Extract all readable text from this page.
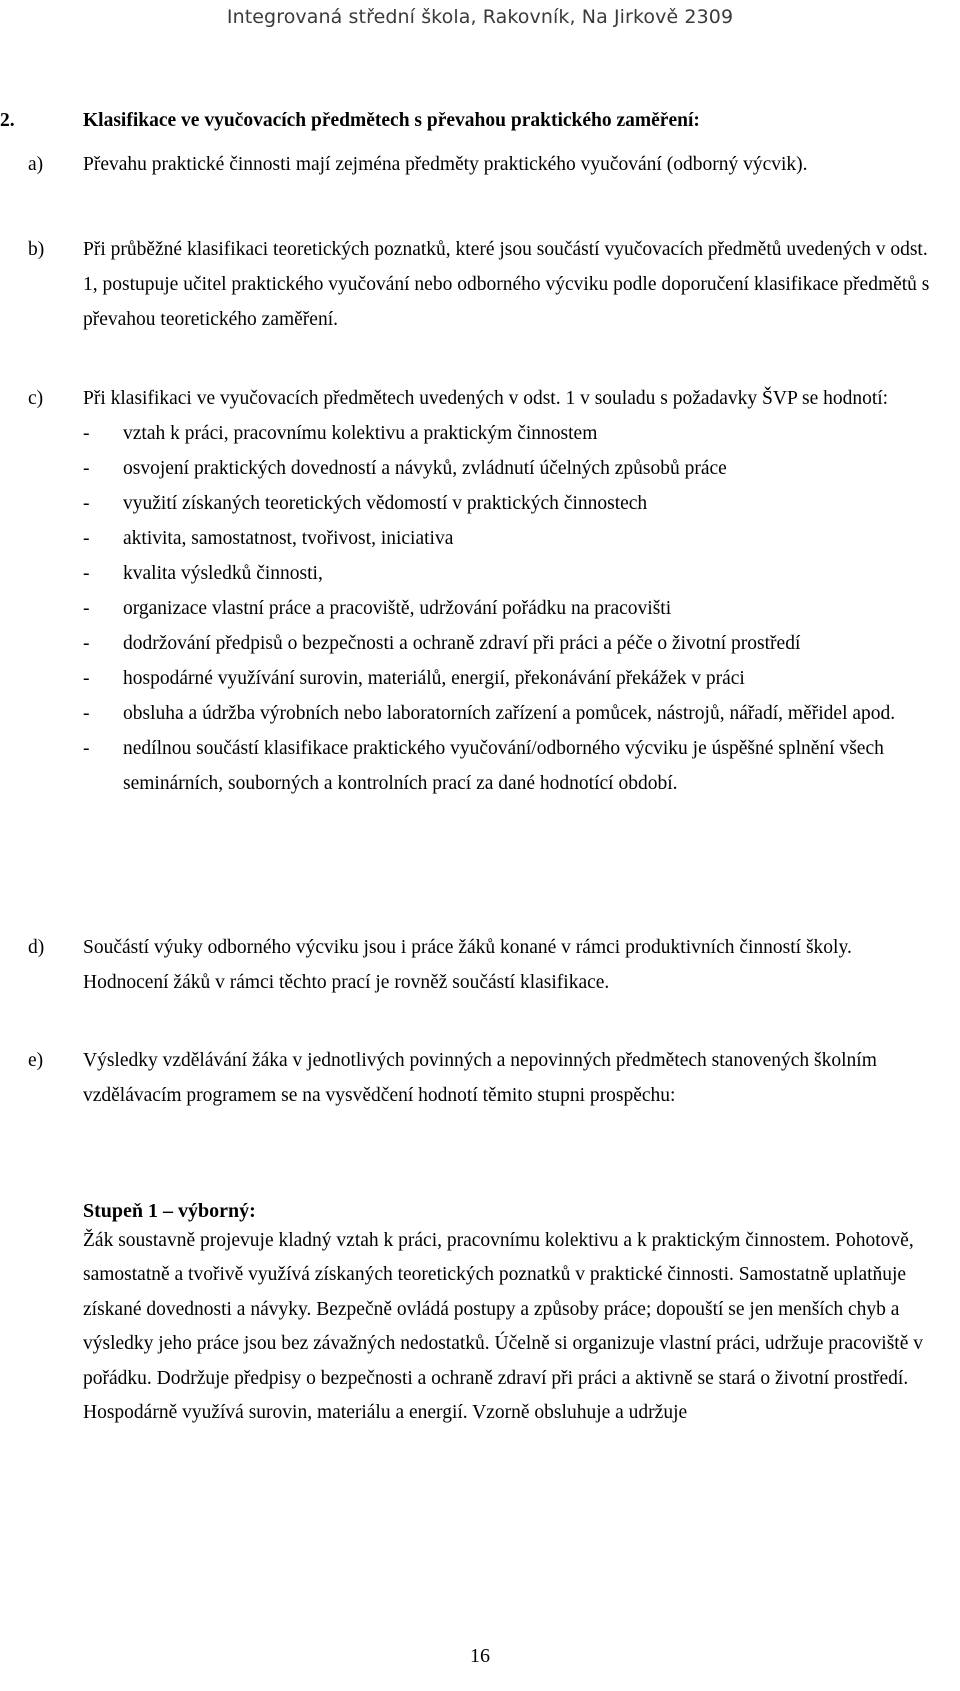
Integrovaná střední škola, Rakovník, Na Jirkově 2309
2.	Klasifikace ve vyučovacích předmětech s převahou praktického zaměření:
a) Převahu praktické činnosti mají zejména předměty praktického vyučování (odborný výcvik).
b) Při průběžné klasifikaci teoretických poznatků, které jsou součástí vyučovacích předmětů uvedených v odst. 1, postupuje učitel praktického vyučování nebo odborného výcviku podle doporučení klasifikace předmětů s převahou teoretického zaměření.
c) Při klasifikaci ve vyučovacích předmětech uvedených v odst. 1 v souladu s požadavky ŠVP se hodnotí:
- vztah k práci, pracovnímu kolektivu a praktickým činnostem
- osvojení praktických dovedností a návyků, zvládnutí účelných způsobů práce
- využití získaných teoretických vědomostí v praktických činnostech
- aktivita, samostatnost, tvořivost, iniciativa
- kvalita výsledků činnosti,
- organizace vlastní práce a pracoviště, udržování pořádku na pracovišti
- dodržování předpisů o bezpečnosti a ochraně zdraví při práci a péče o životní prostředí
- hospodárné využívání surovin, materiálů, energií, překonávání překážek v práci
- obsluha a údržba výrobních nebo laboratorních zařízení a pomůcek, nástrojů, nářadí, měřidel apod.
- nedílnou součástí klasifikace praktického vyučování/odborného výcviku je úspěšné splnění všech seminárních, souborných a kontrolních prací za dané hodnotící období.
d) Součástí výuky odborného výcviku jsou i práce žáků konané v rámci produktivních činností školy. Hodnocení žáků v rámci těchto prací je rovněž součástí klasifikace.
e) Výsledky vzdělávání žáka v jednotlivých povinných a nepovinných předmětech stanovených školním vzdělávacím programem se na vysvědčení hodnotí těmito stupni prospěchu:
Stupeň 1 – výborný:
Žák soustavně projevuje kladný vztah k práci, pracovnímu kolektivu a k praktickým činnostem. Pohotově, samostatně a tvořivě využívá získaných teoretických poznatků v praktické činnosti. Samostatně uplatňuje získané dovednosti a návyky. Bezpečně ovládá postupy a způsoby práce; dopouští se jen menších chyb a výsledky jeho práce jsou bez závažných nedostatků. Účelně si organizuje vlastní práci, udržuje pracoviště v pořádku. Dodržuje předpisy o bezpečnosti a ochraně zdraví při práci a aktivně se stará o životní prostředí. Hospodárně využívá surovin, materiálu a energií. Vzorně obsluhuje a udržuje
16
